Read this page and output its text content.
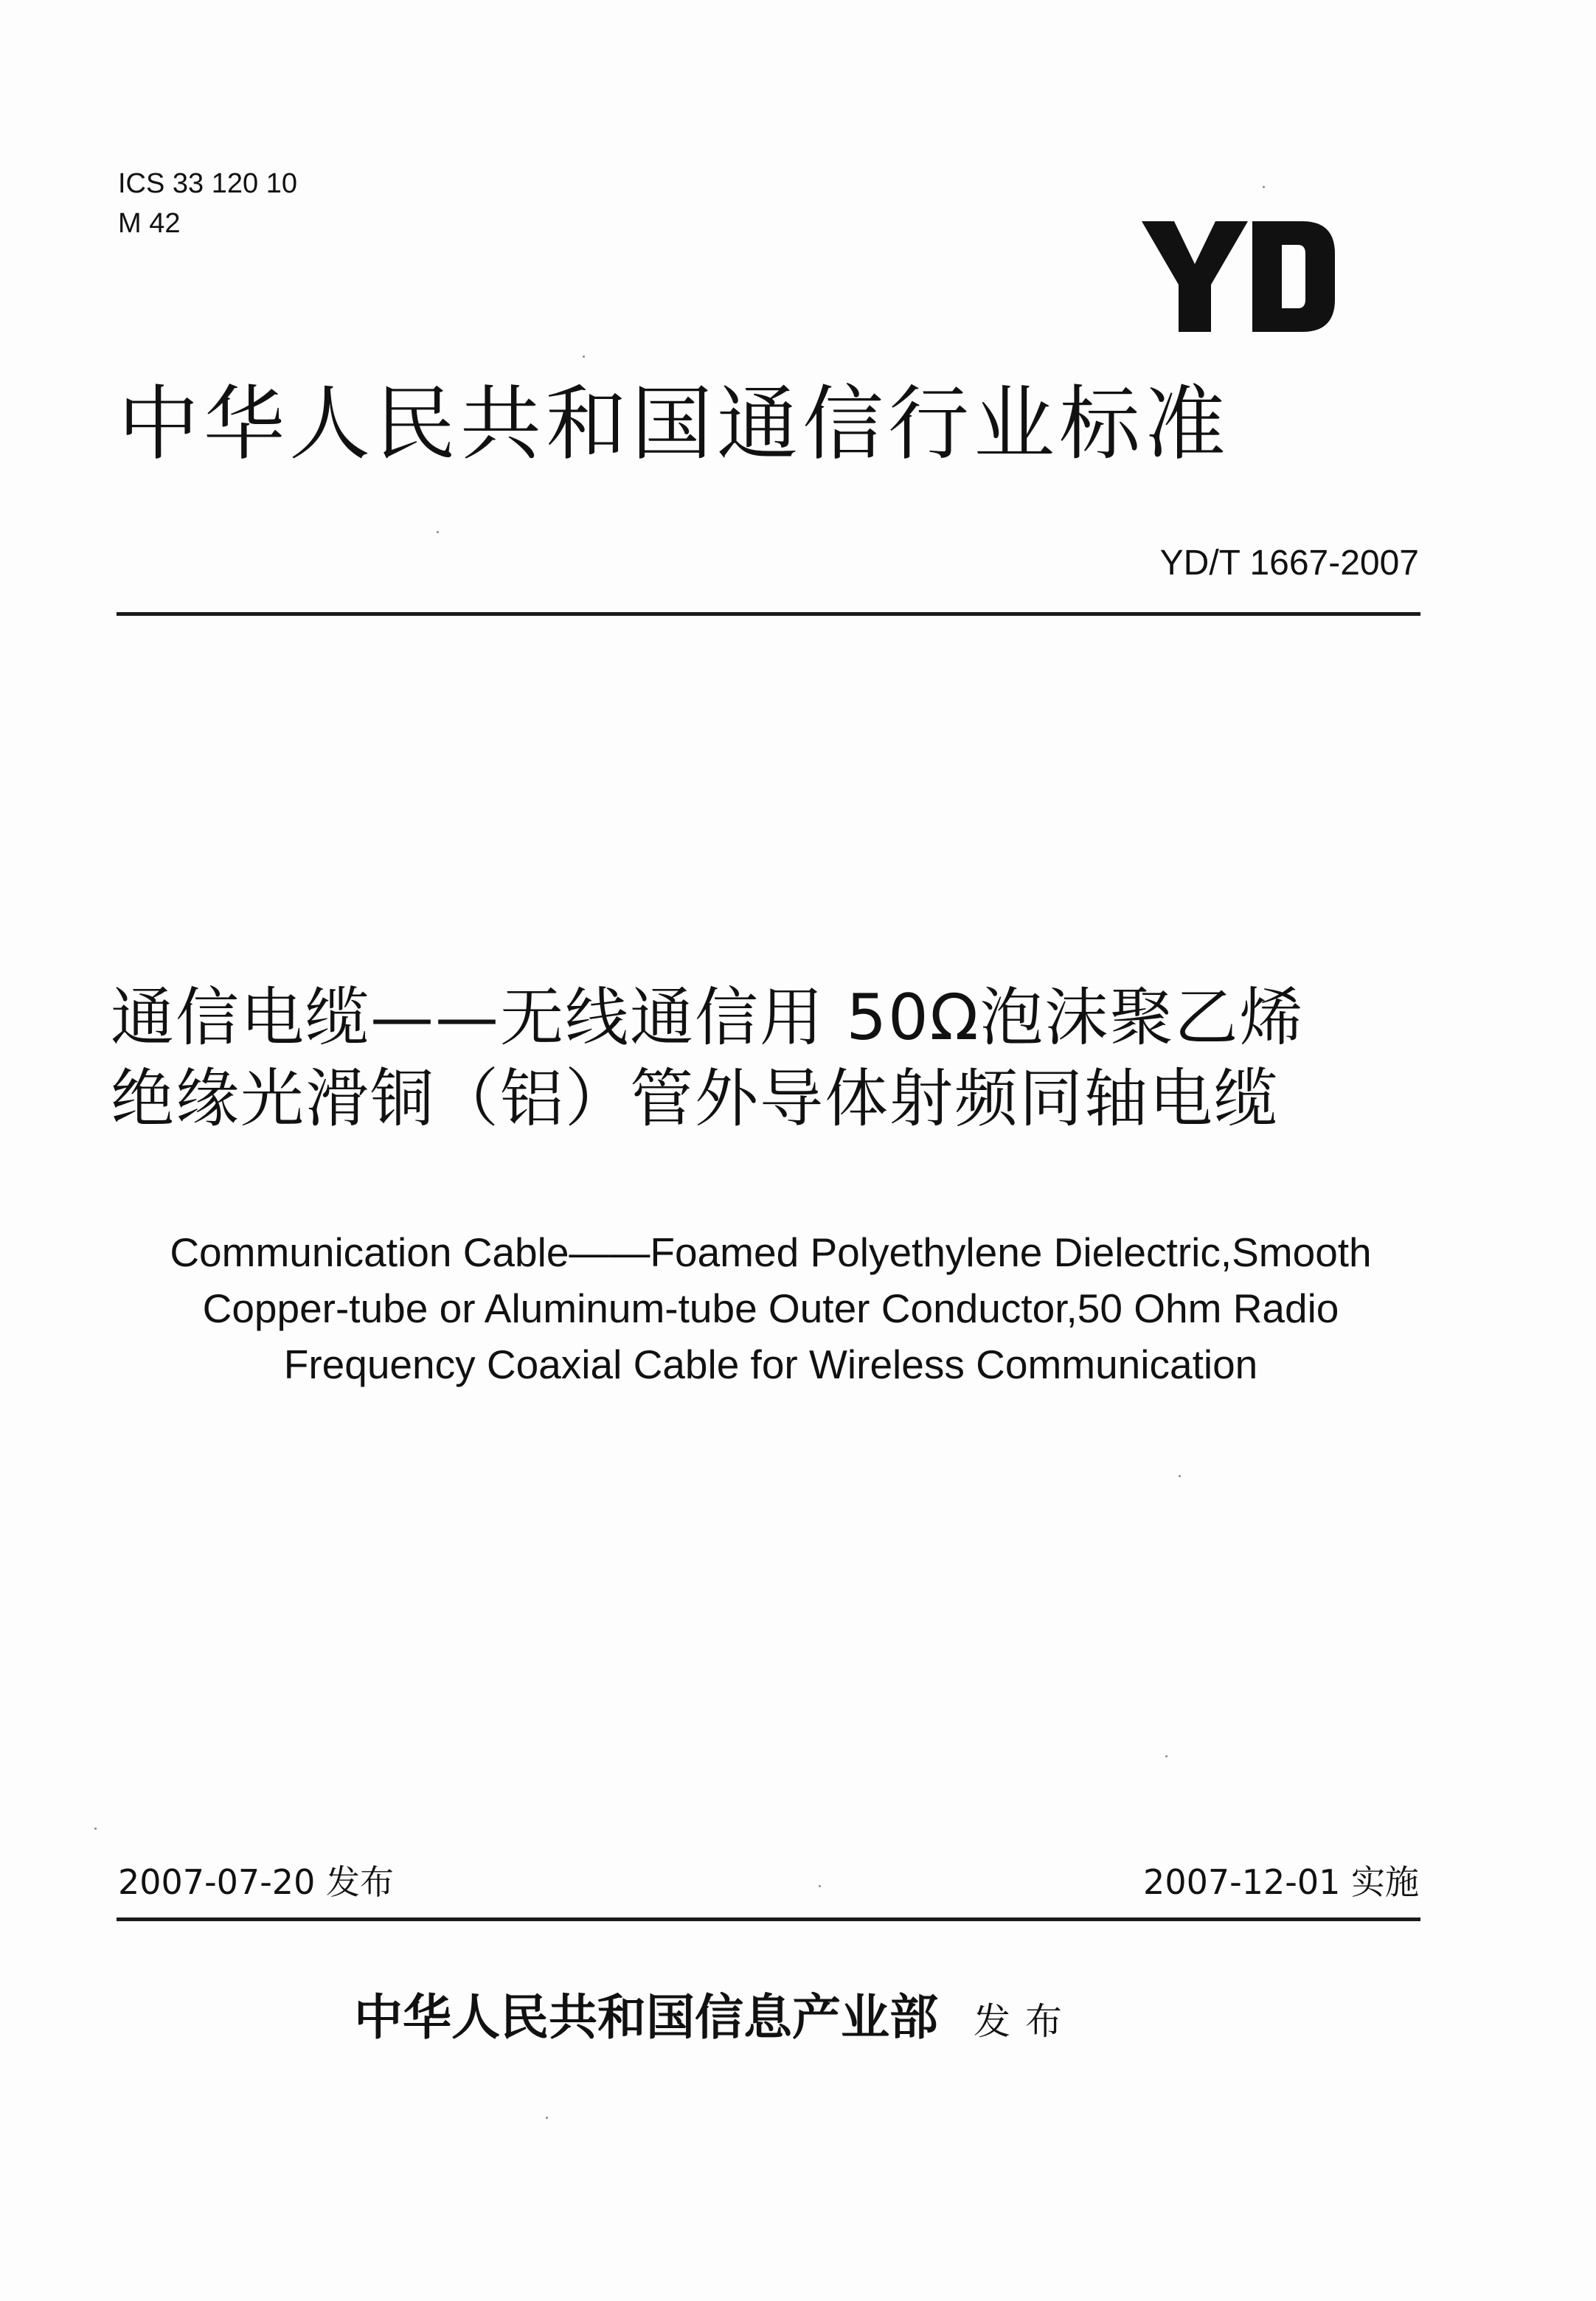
ICS 33 120 10
M 42
中华人民共和国通信行业标准
YD/T 1667-2007
通信电缆——无线通信用 50Ω泡沫聚乙烯
绝缘光滑铜（铝）管外导体射频同轴电缆
Communication Cable——Foamed Polyethylene Dielectric,Smooth
Copper-tube or Aluminum-tube Outer Conductor,50 Ohm Radio
Frequency Coaxial Cable for Wireless Communication
2007-07-20 发布	2007-12-01 实施
中华人民共和国信息产业部 发布
